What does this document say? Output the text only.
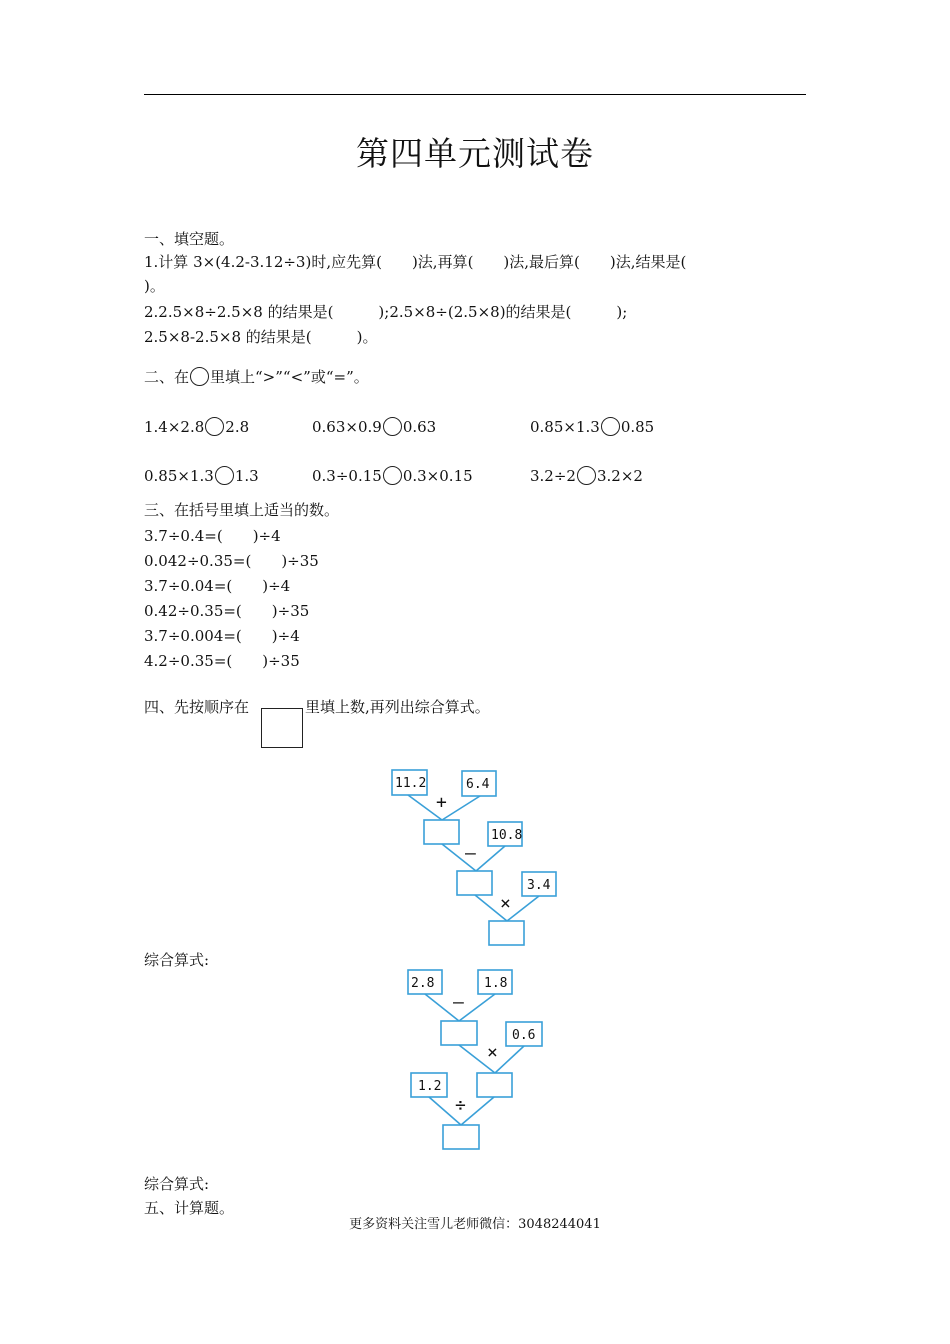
第四单元测试卷
一、填空题。
1.计算 3×(4.2-3.12÷3)时,应先算(　　)法,再算(　　)法,最后算(　　)法,结果是(
)。
2.2.5×8÷2.5×8 的结果是(　　　);2.5×8÷(2.5×8)的结果是(　　　);
2.5×8-2.5×8 的结果是(　　　)。
二、在 里填上“>”“<”或“=”。
1.4×2.8 2.8	0.63×0.9 0.63	0.85×1.3 0.85
0.85×1.3 1.3	0.3÷0.15 0.3×0.15	3.2÷2 3.2×2
三、在括号里填上适当的数。
3.7÷0.4=(　　)÷4
0.042÷0.35=(　　)÷35
3.7÷0.04=(　　)÷4
0.42÷0.35=(　　)÷35
3.7÷0.004=(　　)÷4
4.2÷0.35=(　　)÷35
四、先按顺序在	里填上数,再列出综合算式。
11.2	6.4
10.8
3.4
+
—
×
综合算式:
2.8	1.8
0.6
1.2
—
×
÷
综合算式:
五、计算题。
更多资料关注雪儿老师微信：3048244041
